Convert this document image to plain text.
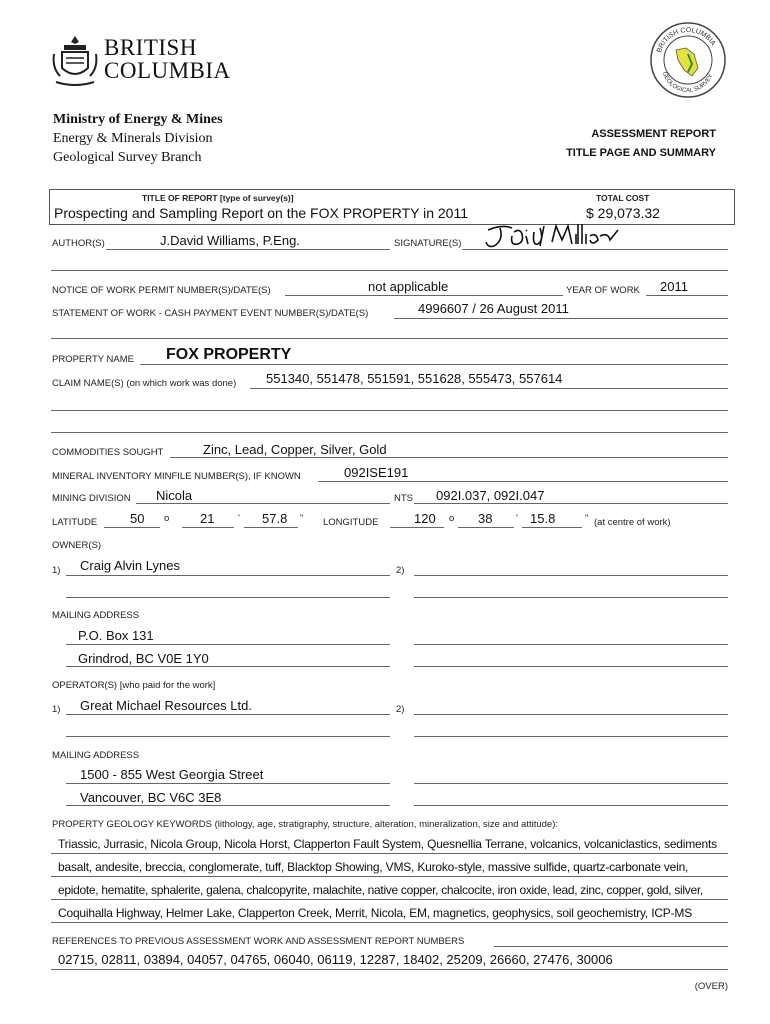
BRITISH
COLUMBIA
BRITISH COLUMBIA
GEOLOGICAL SURVEY
Ministry of Energy & Mines
Energy & Minerals Division
Geological Survey Branch
ASSESSMENT REPORT
TITLE PAGE AND SUMMARY
TITLE OF REPORT [type of survey(s)]	TOTAL COST
Prospecting and Sampling Report on the FOX PROPERTY in 2011	$ 29,073.32
AUTHOR(S)	J.David Williams, P.Eng.	SIGNATURE(S)
NOTICE OF WORK PERMIT NUMBER(S)/DATE(S)	not applicable	YEAR OF WORK 2011
STATEMENT OF WORK - CASH PAYMENT EVENT NUMBER(S)/DATE(S)	4996607 / 26 August 2011
PROPERTY NAME FOX PROPERTY
CLAIM NAME(S) (on which work was done) 551340, 551478, 551591, 551628, 555473, 557614
COMMODITIES SOUGHT	Zinc, Lead, Copper, Silver, Gold
MINERAL INVENTORY MINFILE NUMBER(S), IF KNOWN	092ISE191
MINING DIVISION Nicola	NTS 092I.037, 092I.047
LATITUDE	50 o 21 ' 57.8 " LONGITUDE	120 o 38 ' 15.8	" (at centre of work)
OWNER(S)
1) Craig Alvin Lynes	2)
MAILING ADDRESS
P.O. Box 131
Grindrod, BC V0E 1Y0
OPERATOR(S) [who paid for the work]
1) Great Michael Resources Ltd.	2)
MAILING ADDRESS
1500 - 855 West Georgia Street
Vancouver, BC V6C 3E8
PROPERTY GEOLOGY KEYWORDS (lithology, age, stratigraphy, structure, alteration, mineralization, size and attitude):
Triassic, Jurrasic, Nicola Group, Nicola Horst, Clapperton Fault System, Quesnellia Terrane, volcanics, volcaniclastics, sediments
basalt, andesite, breccia, conglomerate, tuff, Blacktop Showing, VMS, Kuroko-style, massive sulfide, quartz-carbonate vein,
epidote, hematite, sphalerite, galena, chalcopyrite, malachite, native copper, chalcocite, iron oxide, lead, zinc, copper, gold, silver,
Coquihalla Highway, Helmer Lake, Clapperton Creek, Merrit, Nicola, EM, magnetics, geophysics, soil geochemistry, ICP-MS
REFERENCES TO PREVIOUS ASSESSMENT WORK AND ASSESSMENT REPORT NUMBERS
02715, 02811, 03894, 04057, 04765, 06040, 06119, 12287, 18402, 25209, 26660, 27476, 30006
(OVER)
